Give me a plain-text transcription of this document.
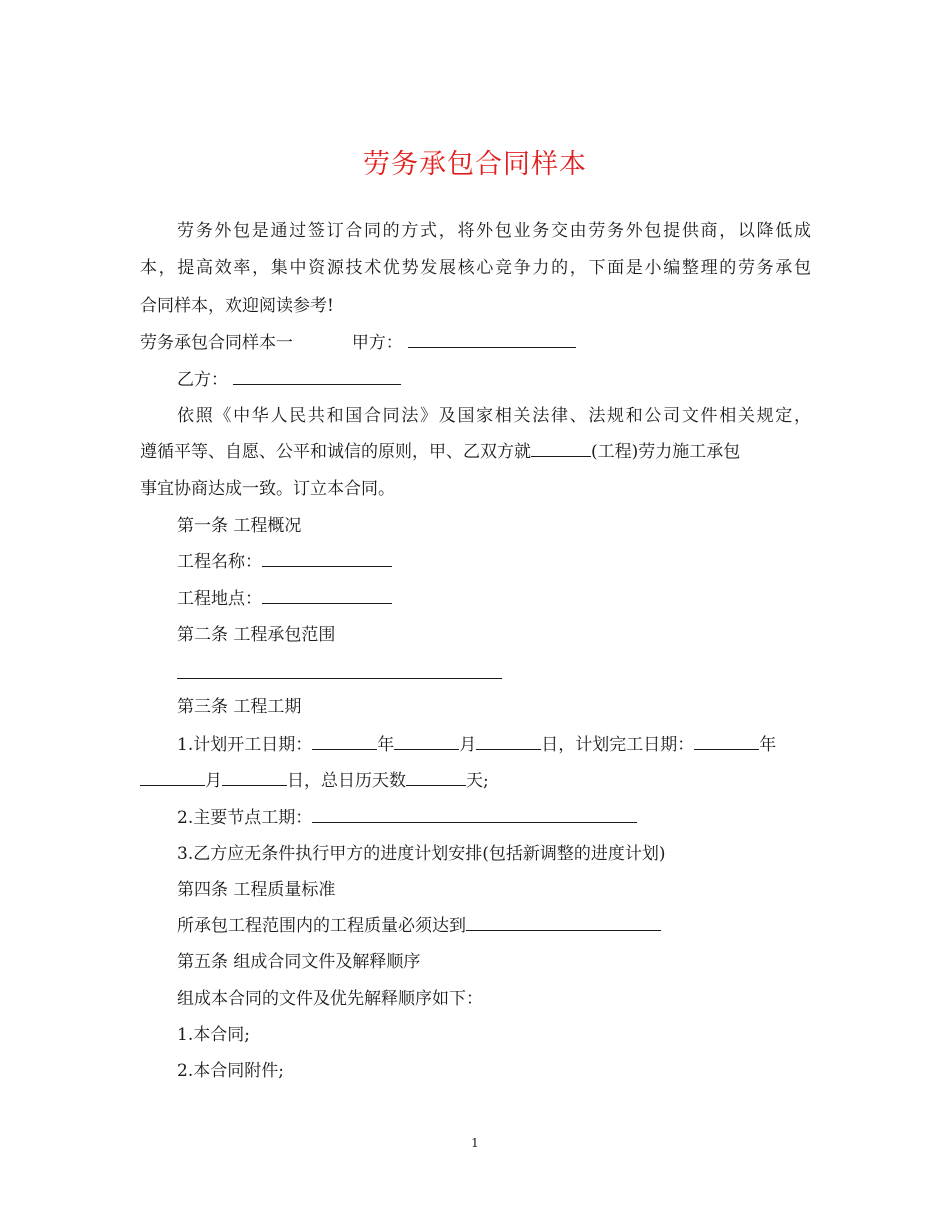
劳务承包合同样本
劳务外包是通过签订合同的方式，将外包业务交由劳务外包提供商，以降低成
本，提高效率，集中资源技术优势发展核心竞争力的，下面是小编整理的劳务承包
合同样本，欢迎阅读参考!
劳务承包合同样本一	甲方：
乙方：
依照《中华人民共和国合同法》及国家相关法律、法规和公司文件相关规定，
遵循平等、自愿、公平和诚信的原则，甲、乙双方就	(工程)劳力施工承包
事宜协商达成一致。订立本合同。
第一条 工程概况
工程名称：
工程地点：
第二条 工程承包范围
第三条 工程工期
1.计划开工日期：	年	月	日，计划完工日期：	年
月	日，总日历天数	天;
2.主要节点工期：
3.乙方应无条件执行甲方的进度计划安排(包括新调整的进度计划)
第四条 工程质量标准
所承包工程范围内的工程质量必须达到
第五条 组成合同文件及解释顺序
组成本合同的文件及优先解释顺序如下：
1.本合同;
2.本合同附件;
1
